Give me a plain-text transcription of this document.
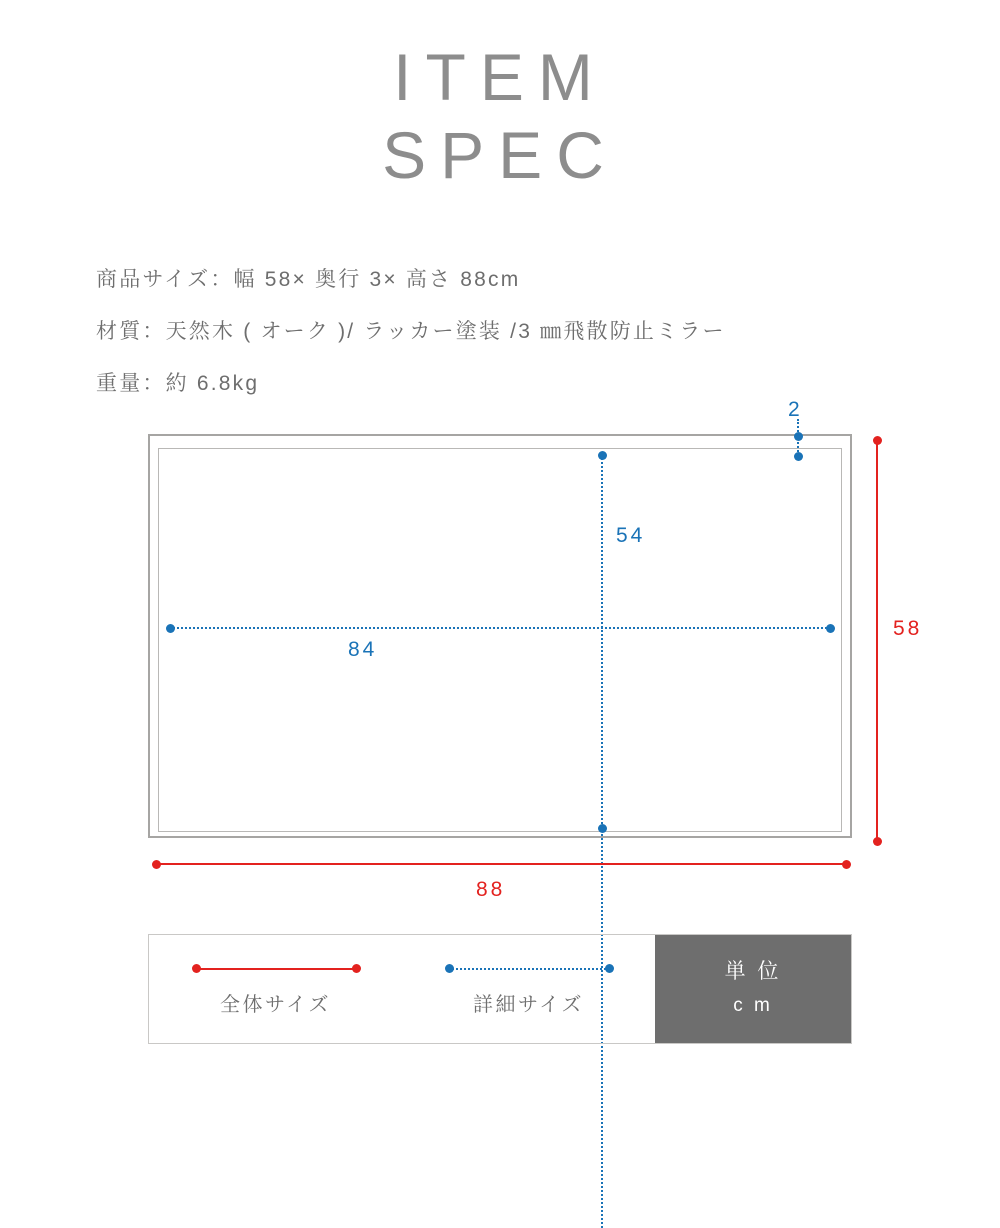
ITEM
SPEC
商品サイズ：幅 58× 奥行 3× 高さ 88cm
材質：天然木 ( オーク )/ ラッカー塗装 /3 ㎜飛散防止ミラー
重量：約 6.8kg
54
84
2
58
88
全体サイズ	詳細サイズ
単 位
c m
